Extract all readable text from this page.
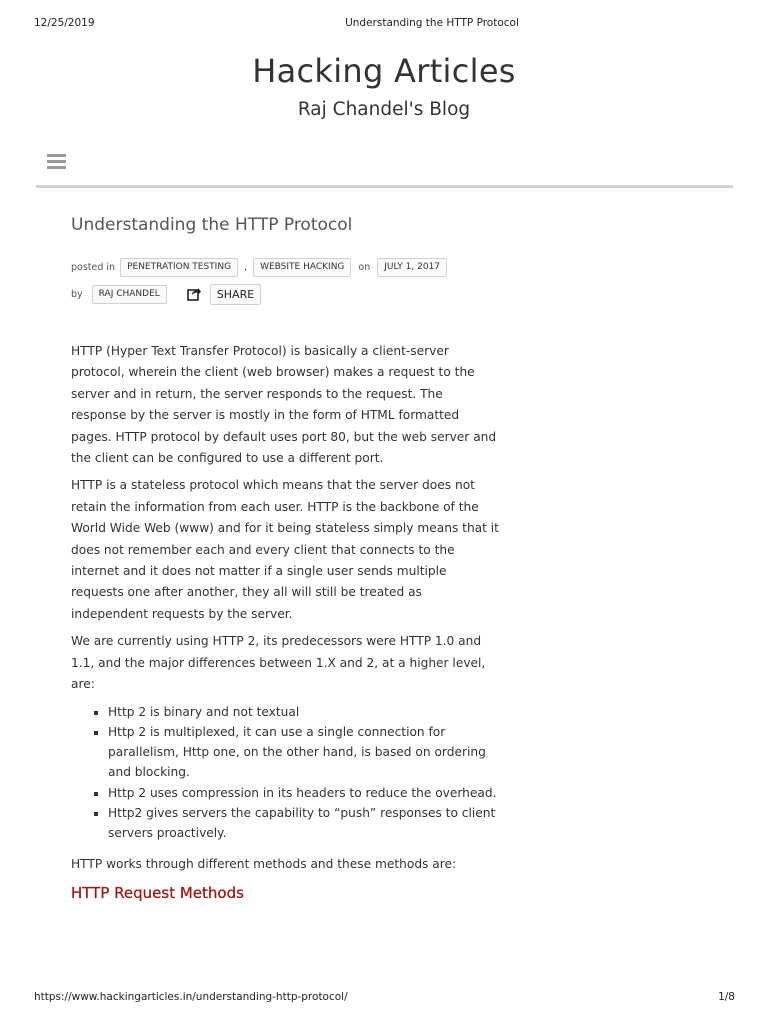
12/25/2019	Understanding the HTTP Protocol
Hacking Articles
Raj Chandel's Blog
Understanding the HTTP Protocol
posted in	PENETRATION TESTING	,	WEBSITE HACKING	on	JULY 1, 2017
by	RAJ CHANDEL	SHARE

HTTP (Hyper Text Transfer Protocol) is basically a client-server protocol, wherein the client (web browser) makes a request to the server and in return, the server responds to the request. The response by the server is mostly in the form of HTML formatted pages. HTTP protocol by default uses port 80, but the web server and the client can be configured to use a different port.

HTTP is a stateless protocol which means that the server does not retain the information from each user. HTTP is the backbone of the World Wide Web (www) and for it being stateless simply means that it does not remember each and every client that connects to the internet and it does not matter if a single user sends multiple requests one after another, they all will still be treated as independent requests by the server.

We are currently using HTTP 2, its predecessors were HTTP 1.0 and 1.1, and the major differences between 1.X and 2, at a higher level, are:

Http 2 is binary and not textual
Http 2 is multiplexed, it can use a single connection for parallelism, Http one, on the other hand, is based on ordering and blocking.
Http 2 uses compression in its headers to reduce the overhead.
Http2 gives servers the capability to “push” responses to client servers proactively.

HTTP works through different methods and these methods are:

HTTP Request Methods
https://www.hackingarticles.in/understanding-http-protocol/	1/8
